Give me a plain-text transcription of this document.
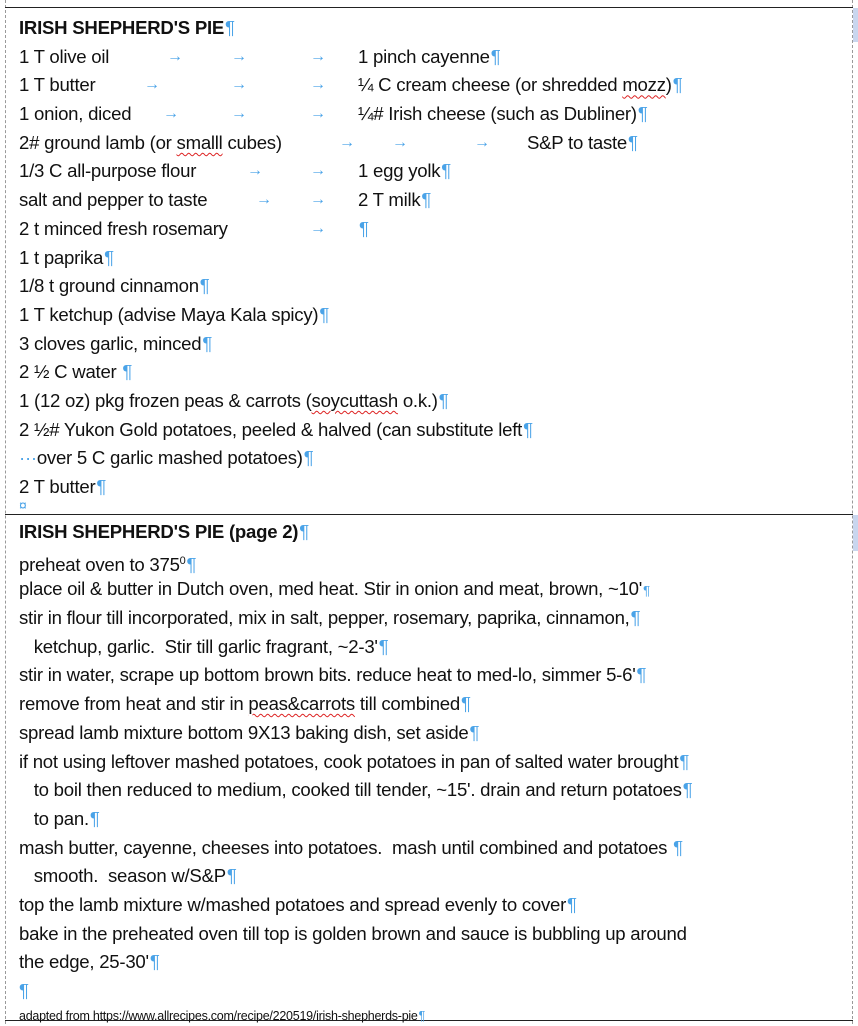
IRISH SHEPHERD'S PIE¶
1 T olive oil	→	→	→ 1 pinch cayenne¶
1 T butter	→	→	→ ¼ C cream cheese (or shredded mozz)¶
1 onion, diced →	→	→ ¼# Irish cheese (such as Dubliner)¶
2# ground lamb (or smalll cubes)	→ →	→ S&P to taste¶
1/3 C all-purpose flour	→	→ 1 egg yolk¶
salt and pepper to taste	→ → 2 T milk¶
2 t minced fresh rosemary	→ ¶
1 t paprika¶
1/8 t ground cinnamon¶
1 T ketchup (advise Maya Kala spicy)¶
3 cloves garlic, minced¶
2 ½ C water ¶
1 (12 oz) pkg frozen peas & carrots (soycuttash o.k.)¶
2 ½# Yukon Gold potatoes, peeled & halved (can substitute left¶
···over 5 C garlic mashed potatoes)¶
2 T butter¶
¤
IRISH SHEPHERD'S PIE (page 2)¶
preheat oven to $375^0\P$
place oil & butter in Dutch oven, med heat. Stir in onion and meat, brown, ~10'¶
stir in flour till incorporated, mix in salt, pepper, rosemary, paprika, cinnamon,¶
ketchup, garlic.  Stir till garlic fragrant, ~2-3'¶
stir in water, scrape up bottom brown bits. reduce heat to med-lo, simmer 5-6'¶
remove from heat and stir in peas&carrots till combined¶
spread lamb mixture bottom 9X13 baking dish, set aside¶
if not using leftover mashed potatoes, cook potatoes in pan of salted water brought¶
to boil then reduced to medium, cooked till tender, ~15'. drain and return potatoes¶
to pan.¶
mash butter, cayenne, cheeses into potatoes.  mash until combined and potatoes ¶
smooth.  season w/S&P¶
top the lamb mixture w/mashed potatoes and spread evenly to cover¶
bake in the preheated oven till top is golden brown and sauce is bubbling up around
the edge, 25-30'¶
¶
adapted from https://www.allrecipes.com/recipe/220519/irish-shepherds-pie¶
